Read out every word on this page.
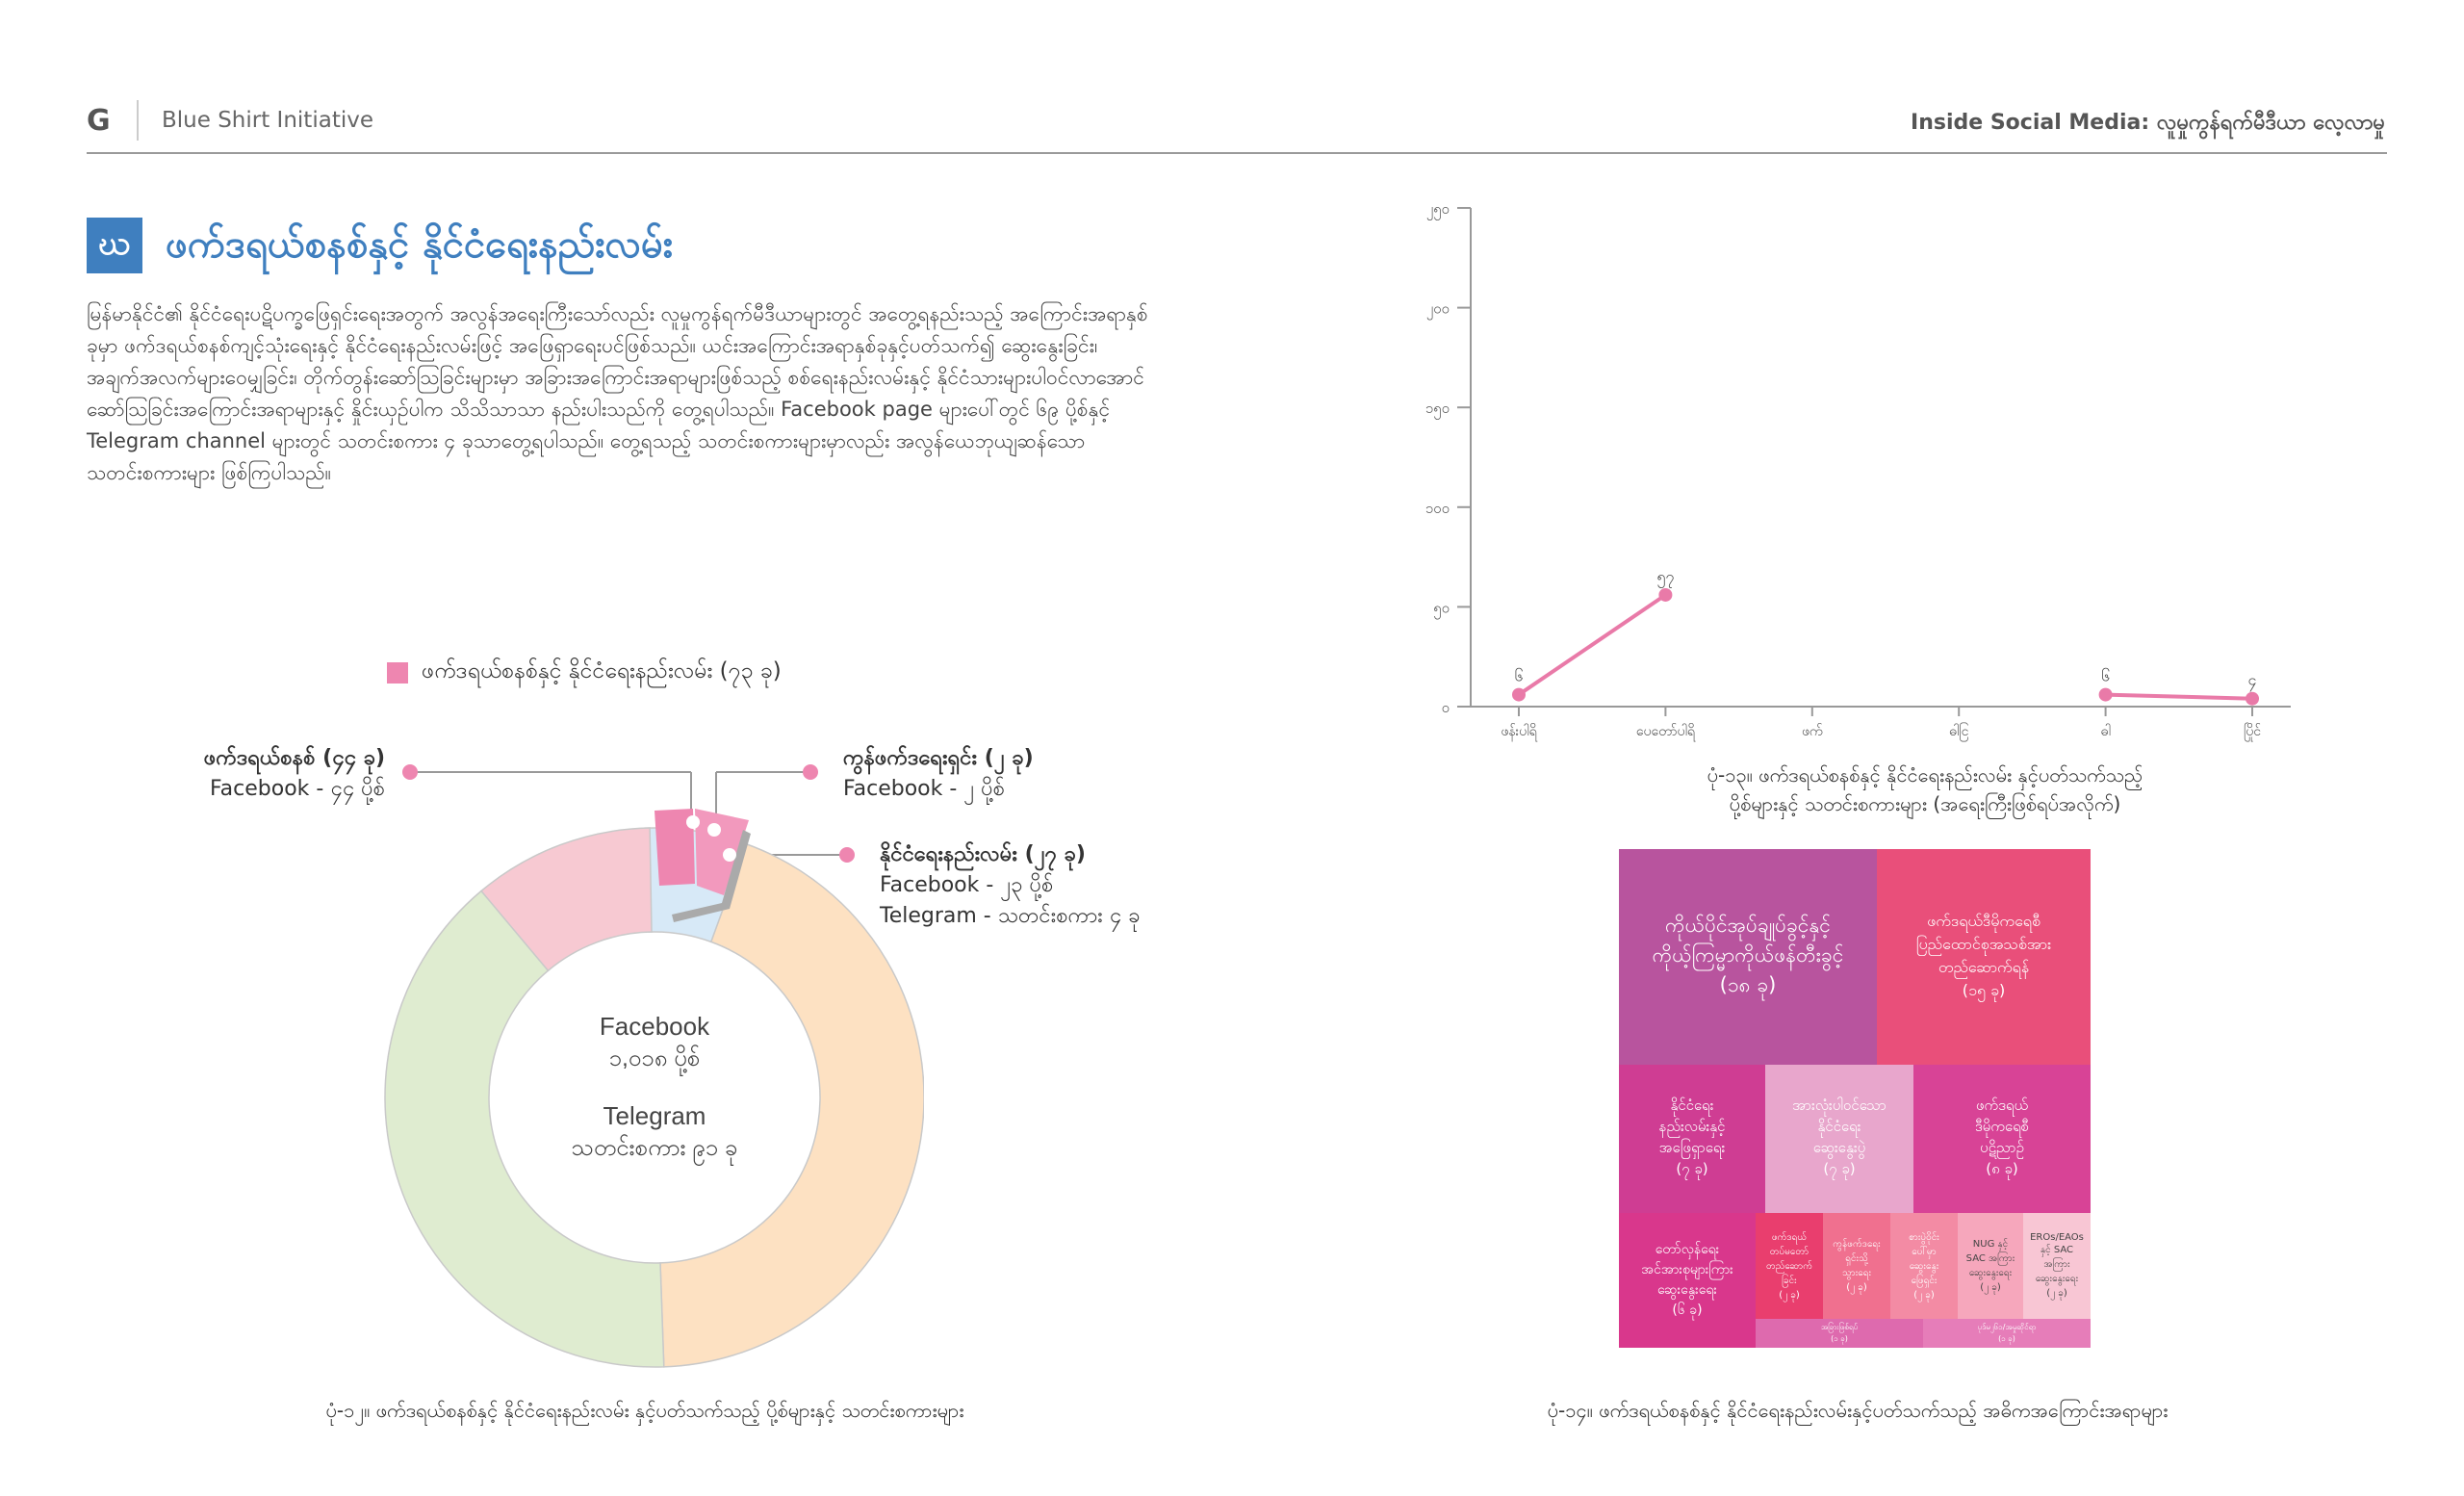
G Blue Shirt Initiative	Inside Social Media: လူမှုကွန်ရက်မီဒီယာ လေ့လာမှု
ဃ ဖက်ဒရယ်စနစ်နှင့် နိုင်ငံရေးနည်းလမ်း
မြန်မာနိုင်ငံ၏ နိုင်ငံရေးပဋိပက္ခဖြေရှင်းရေးအတွက် အလွန်အရေးကြီးသော်လည်း လူမှုကွန်ရက်မီဒီယာများတွင် အတွေ့ရနည်းသည့် အကြောင်းအရာနှစ်ခုမှာ ဖက်ဒရယ်စနစ်ကျင့်သုံးရေးနှင့် နိုင်ငံရေးနည်းလမ်းဖြင့် အဖြေရှာရေးပင်ဖြစ်သည်။ ယင်းအကြောင်းအရာနှစ်ခုနှင့်ပတ်သက်၍ ဆွေးနွေးခြင်း၊ အချက်အလက်များဝေမျှခြင်း၊ တိုက်တွန်းဆော်ဩခြင်းများမှာ အခြားအကြောင်းအရာများဖြစ်သည့် စစ်ရေးနည်းလမ်းနှင့် နိုင်ငံသားများပါဝင်လာအောင် ဆော်ဩခြင်းအကြောင်းအရာများနှင့် နှိုင်းယှဉ်ပါက သိသိသာသာ နည်းပါးသည်ကို တွေ့ရပါသည်။ Facebook page များပေါ်တွင် ၆၉ ပို့စ်နှင့် Telegram channel များတွင် သတင်းစကား ၄ ခုသာတွေ့ရပါသည်။ တွေ့ရသည့် သတင်းစကားများမှာလည်း အလွန်ယေဘုယျဆန်သော သတင်းစကားများ ဖြစ်ကြပါသည်။
ဖက်ဒရယ်စနစ်နှင့် နိုင်ငံရေးနည်းလမ်း (၇၃ ခု)
ဖက်ဒရယ်စနစ် (၄၄ ခု)
Facebook - ၄၄ ပို့စ်
ကွန်ဖက်ဒရေးရှင်း (၂ ခု)
Facebook - ၂ ပို့စ်
နိုင်ငံရေးနည်းလမ်း (၂၇ ခု)
Facebook - ၂၃ ပို့စ်
Telegram - သတင်းစကား ၄ ခု
Facebook
၁,၀၁၈ ပို့စ်
Telegram
သတင်းစကား ၉၁ ခု
ပုံ-၁၂။ ဖက်ဒရယ်စနစ်နှင့် နိုင်ငံရေးနည်းလမ်း နှင့်ပတ်သက်သည့် ပို့စ်များနှင့် သတင်းစကားများ
၀
၅၀
၁၀၀
၁၅၀
၂၀၀
၂၅၀
ဖန်းပါရိ	ပေတော်ပါရိ	ဖက်	ဓါငြ	ဓါ	ပြိုင်
၆
၅၇
၆	၄
ပုံ-၁၃။ ဖက်ဒရယ်စနစ်နှင့် နိုင်ငံရေးနည်းလမ်း နှင့်ပတ်သက်သည့်
ပို့စ်များနှင့် သတင်းစကားများ (အရေးကြီးဖြစ်ရပ်အလိုက်)
ကိုယ်ပိုင်အုပ်ချုပ်ခွင့်နှင့်
ကိုယ့်ကြမ္မာကိုယ်ဖန်တီးခွင့်
(၁၈ ခု)
ဖက်ဒရယ်ဒီမိုကရေစီ
ပြည်ထောင်စုအသစ်အား
တည်ဆောက်ရန်
(၁၅ ခု)
နိုင်ငံရေး
နည်းလမ်းနှင့်
အဖြေရှာရေး
(၇ ခု)
အားလုံးပါဝင်သော
နိုင်ငံရေး
ဆွေးနွေးပွဲ
(၇ ခု)
ဖက်ဒရယ်
ဒီမိုကရေစီ
ပဋိညာဉ်
(၈ ခု)
တော်လှန်ရေး
အင်အားစုများကြား
ဆွေးနွေးရေး
(၆ ခု)
ဖက်ဒရယ်
တပ်မတော်
တည်ဆောက်
ခြင်း
(၂ ခု)
ကွန်ဖက်ဒရေး
ရှင်းသို့
သွားရေး
(၂ ခု)
စားပွဲဝိုင်း
ပေါ်မှာ
ဆွေးနွေး
ဖြေရှင်း
(၂ ခု)
NUG နှင့်
SAC အကြား
ဆွေးနွေးရေး
(၂ ခု)
EROs/EAOs
နှင့် SAC
အကြား
ဆွေးနွေးရေး
(၂ ခု)
အခြားဖြစ်ရပ်
(၁ ခု)
ပုဒ်မ၂၆၁/အမှုဆိုင်ရာ
(၁ ခု)
ပုံ-၁၄။ ဖက်ဒရယ်စနစ်နှင့် နိုင်ငံရေးနည်းလမ်းနှင့်ပတ်သက်သည့် အဓိကအကြောင်းအရာများ
